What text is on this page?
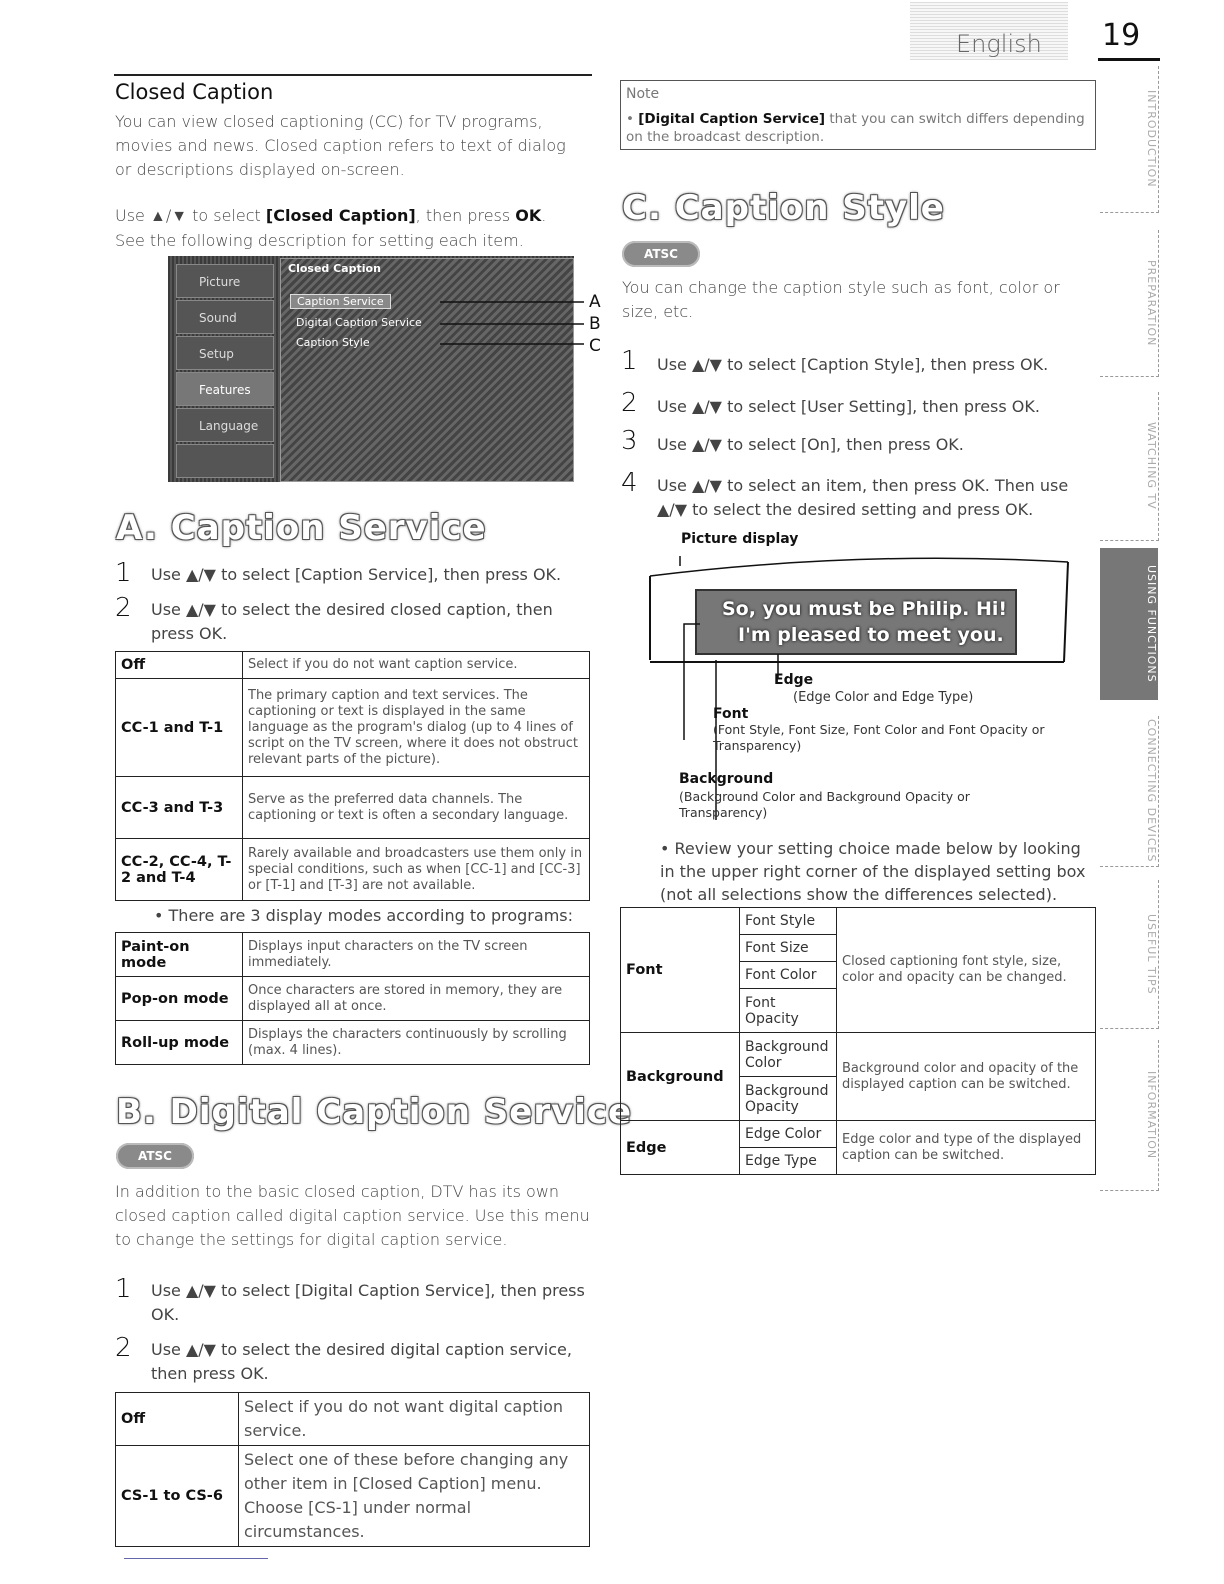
English 19
INTRODUCTION
PREPARATION
WATCHING TV
USING FUNCTIONS
CONNECTING DEVICES
USEFUL TIPS
INFORMATION
Closed Caption
You can view closed captioning (CC) for TV programs, movies and news. Closed caption refers to text of dialog or descriptions displayed on-screen.
Use ▲/▼ to select [Closed Caption], then press OK.
See the following description for setting each item.
Picture
Sound
Setup
Features
Language
Closed Caption
Caption Service
Digital Caption Service
Caption Style
A
B
C
A. Caption Service
1 Use ▲/▼ to select [Caption Service], then press OK.
2 Use ▲/▼ to select the desired closed caption, then press OK.
Off	Select if you do not want caption service.
CC-1 and T-1	The primary caption and text services. The captioning or text is displayed in the same language as the program's dialog (up to 4 lines of script on the TV screen, where it does not obstruct relevant parts of the picture).
CC-3 and T-3	Serve as the preferred data channels. The captioning or text is often a secondary language.
CC-2, CC-4, T-2 and T-4	Rarely available and broadcasters use them only in special conditions, such as when [CC-1] and [CC-3] or [T-1] and [T-3] are not available.
• There are 3 display modes according to programs:
Paint-on mode	Displays input characters on the TV screen immediately.
Pop-on mode	Once characters are stored in memory, they are displayed all at once.
Roll-up mode	Displays the characters continuously by scrolling (max. 4 lines).
B. Digital Caption Service
ATSC
In addition to the basic closed caption, DTV has its own closed caption called digital caption service. Use this menu to change the settings for digital caption service.
1 Use ▲/▼ to select [Digital Caption Service], then press OK.
2 Use ▲/▼ to select the desired digital caption service, then press OK.
Off	Select if you do not want digital caption service.
CS-1 to CS-6	Select one of these before changing any other item in [Closed Caption] menu. Choose [CS-1] under normal circumstances.
Note
• [Digital Caption Service] that you can switch differs depending on the broadcast description.
C. Caption Style
ATSC
You can change the caption style such as font, color or size, etc.
1 Use ▲/▼ to select [Caption Style], then press OK.
2 Use ▲/▼ to select [User Setting], then press OK.
3 Use ▲/▼ to select [On], then press OK.
4 Use ▲/▼ to select an item, then press OK. Then use ▲/▼ to select the desired setting and press OK.
Picture display
So, you must be Philip. Hi!
I'm pleased to meet you.
Edge
(Edge Color and Edge Type)
Font
(Font Style, Font Size, Font Color and Font Opacity or Transparency)
Background
(Background Color and Background Opacity or Transparency)
• Review your setting choice made below by looking in the upper right corner of the displayed setting box (not all selections show the differences selected).
Font	Font Style	Closed captioning font style, size, color and opacity can be changed.
	Font Size	
	Font Color	
	Font Opacity	
Background	Background Color	Background color and opacity of the displayed caption can be switched.
	Background Opacity	
Edge	Edge Color	Edge color and type of the displayed caption can be switched.
	Edge Type	
